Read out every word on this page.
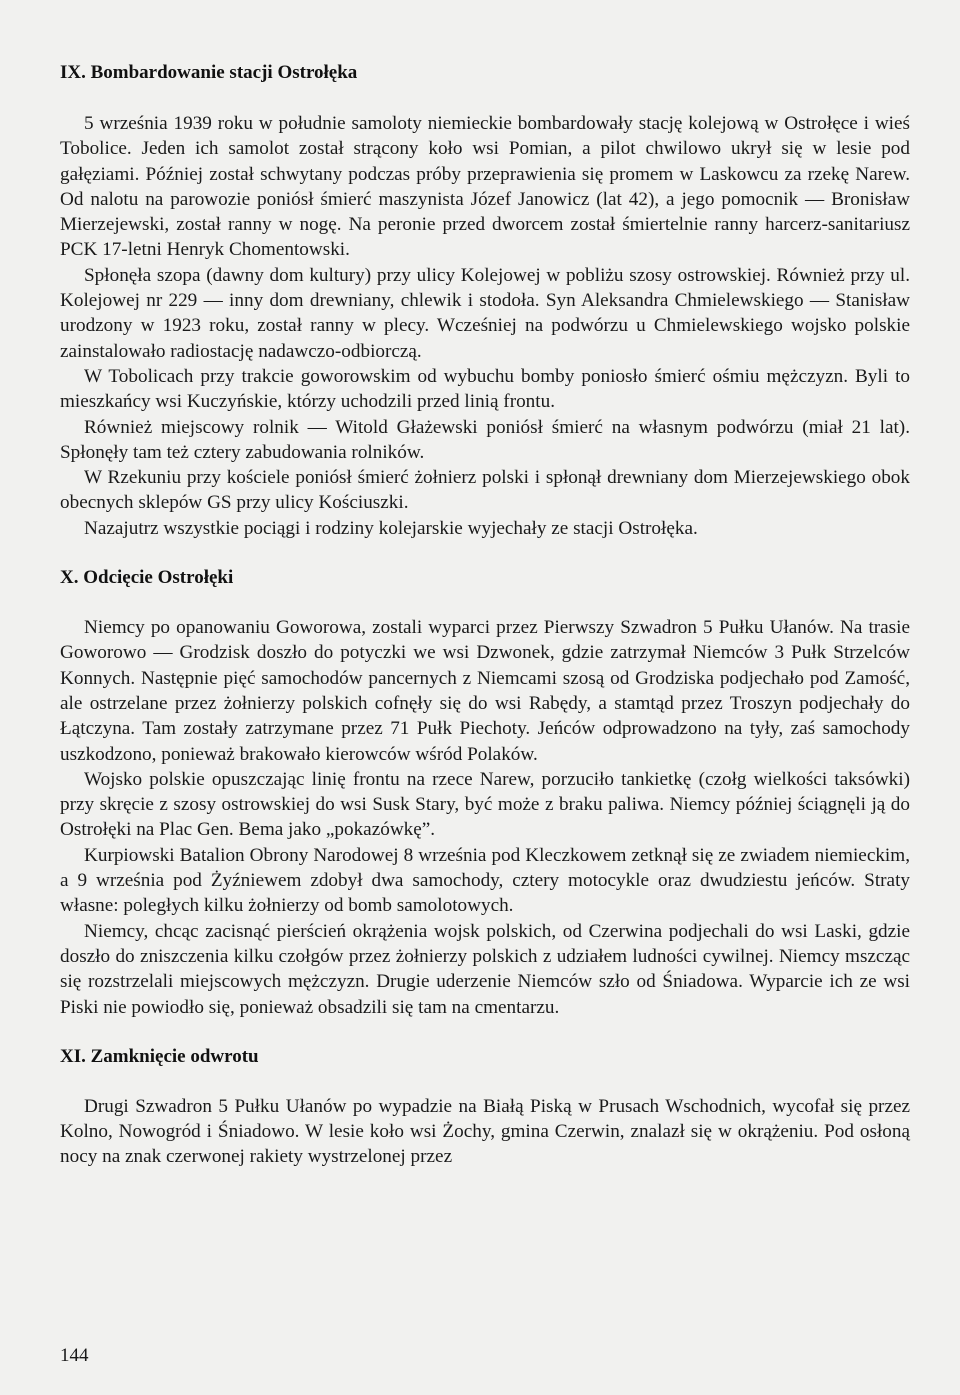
IX. Bombardowanie stacji Ostrołęka

5 września 1939 roku w południe samoloty niemieckie bombardowały stację kolejową w Ostrołęce i wieś Tobolice. Jeden ich samolot został strącony koło wsi Pomian, a pilot chwilowo ukrył się w lesie pod gałęziami. Później został schwytany podczas próby przeprawienia się promem w Laskowcu za rzekę Narew. Od nalotu na parowozie poniósł śmierć maszynista Józef Janowicz (lat 42), a jego pomocnik — Bronisław Mierzejewski, został ranny w nogę. Na peronie przed dworcem został śmiertelnie ranny harcerz-sanitariusz PCK 17-letni Henryk Chomentowski.

Spłonęła szopa (dawny dom kultury) przy ulicy Kolejowej w pobliżu szosy ostrowskiej. Również przy ul. Kolejowej nr 229 — inny dom drewniany, chlewik i stodoła. Syn Aleksandra Chmielewskiego — Stanisław urodzony w 1923 roku, został ranny w plecy. Wcześniej na podwórzu u Chmielewskiego wojsko polskie zainstalowało radiostację nadawczo-odbiorczą.

W Tobolicach przy trakcie goworowskim od wybuchu bomby poniosło śmierć ośmiu mężczyzn. Byli to mieszkańcy wsi Kuczyńskie, którzy uchodzili przed linią frontu.

Również miejscowy rolnik — Witold Głażewski poniósł śmierć na własnym podwórzu (miał 21 lat). Spłonęły tam też cztery zabudowania rolników.

W Rzekuniu przy kościele poniósł śmierć żołnierz polski i spłonął drewniany dom Mierzejewskiego obok obecnych sklepów GS przy ulicy Kościuszki.

Nazajutrz wszystkie pociągi i rodziny kolejarskie wyjechały ze stacji Ostrołęka.

X. Odcięcie Ostrołęki

Niemcy po opanowaniu Goworowa, zostali wyparci przez Pierwszy Szwadron 5 Pułku Ułanów. Na trasie Goworowo — Grodzisk doszło do potyczki we wsi Dzwonek, gdzie zatrzymał Niemców 3 Pułk Strzelców Konnych. Następnie pięć samochodów pancernych z Niemcami szosą od Grodziska podjechało pod Zamość, ale ostrzelane przez żołnierzy polskich cofnęły się do wsi Rabędy, a stamtąd przez Troszyn podjechały do Łątczyna. Tam zostały zatrzymane przez 71 Pułk Piechoty. Jeńców odprowadzono na tyły, zaś samochody uszkodzono, ponieważ brakowało kierowców wśród Polaków.

Wojsko polskie opuszczając linię frontu na rzece Narew, porzuciło tankietkę (czołg wielkości taksówki) przy skręcie z szosy ostrowskiej do wsi Susk Stary, być może z braku paliwa. Niemcy później ściągnęli ją do Ostrołęki na Plac Gen. Bema jako „pokazówkę”.

Kurpiowski Batalion Obrony Narodowej 8 września pod Kleczkowem zetknął się ze zwiadem niemieckim, a 9 września pod Żyźniewem zdobył dwa samochody, cztery motocykle oraz dwudziestu jeńców. Straty własne: poległych kilku żołnierzy od bomb samolotowych.

Niemcy, chcąc zacisnąć pierścień okrążenia wojsk polskich, od Czerwina podjechali do wsi Laski, gdzie doszło do zniszczenia kilku czołgów przez żołnierzy polskich z udziałem ludności cywilnej. Niemcy mszcząc się rozstrzelali miejscowych mężczyzn. Drugie uderzenie Niemców szło od Śniadowa. Wyparcie ich ze wsi Piski nie powiodło się, ponieważ obsadzili się tam na cmentarzu.

XI. Zamknięcie odwrotu

Drugi Szwadron 5 Pułku Ułanów po wypadzie na Białą Piską w Prusach Wschodnich, wycofał się przez Kolno, Nowogród i Śniadowo. W lesie koło wsi Żochy, gmina Czerwin, znalazł się w okrążeniu. Pod osłoną nocy na znak czerwonej rakiety wystrzelonej przez

144
